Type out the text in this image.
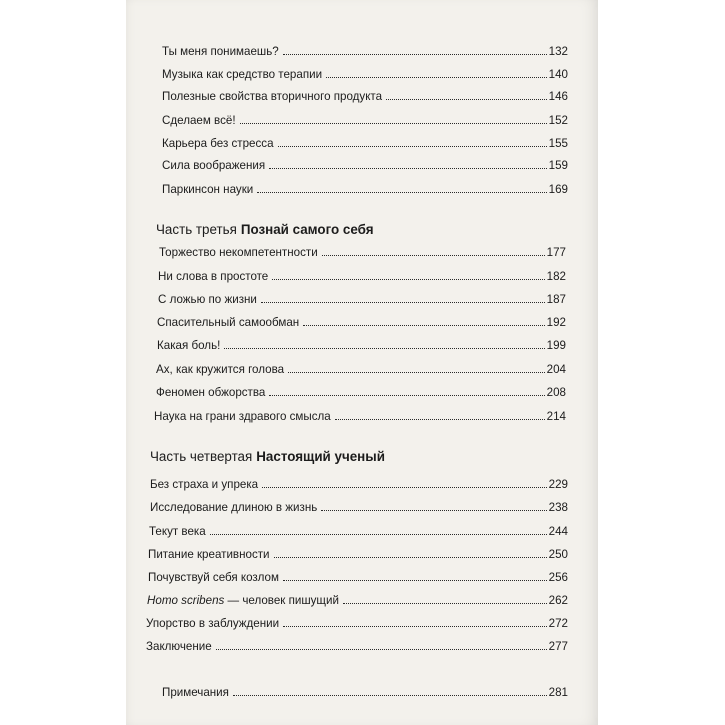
Ты меня понимаешь?	132
Музыка как средство терапии	140
Полезные свойства вторичного продукта	146
Сделаем всё!	152
Карьера без стресса	155
Сила воображения	159
Паркинсон науки	169
Часть третья Познай самого себя
Торжество некомпетентности	177
Ни слова в простоте	182
С ложью по жизни	187
Спасительный самообман	192
Какая боль!	199
Ах, как кружится голова	204
Феномен обжорства	208
Наука на грани здравого смысла	214
Часть четвертая Настоящий ученый
Без страха и упрека	229
Исследование длиною в жизнь	238
Текут века	244
Питание креативности	250
Почувствуй себя козлом	256
Homo scribens — человек пишущий	262
Упорство в заблуждении	272
Заключение	277
Примечания	281
